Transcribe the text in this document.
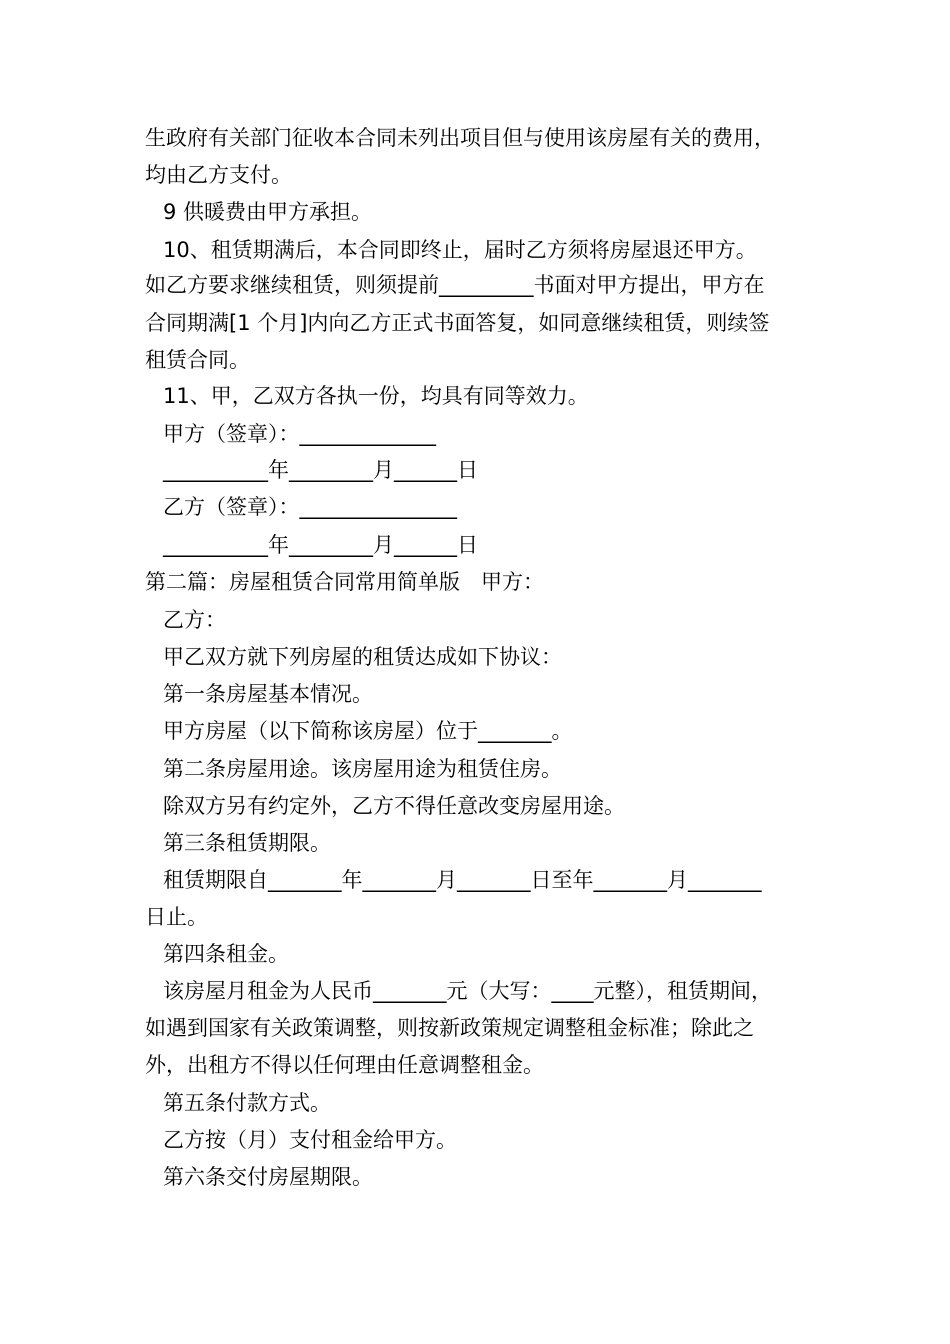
生政府有关部门征收本合同未列出项目但与使用该房屋有关的费用，
均由乙方支付。
9 供暖费由甲方承担。
10、租赁期满后，本合同即终止，届时乙方须将房屋退还甲方。
如乙方要求继续租赁，则须提前_________书面对甲方提出，甲方在
合同期满[1 个月]内向乙方正式书面答复，如同意继续租赁，则续签
租赁合同。
11、甲，乙双方各执一份，均具有同等效力。
甲方（签章）：_____________
__________年________月______日
乙方（签章）：_______________
__________年________月______日
第二篇：房屋租赁合同常用简单版　甲方：
乙方：
甲乙双方就下列房屋的租赁达成如下协议：
第一条房屋基本情况。
甲方房屋（以下简称该房屋）位于_______。
第二条房屋用途。该房屋用途为租赁住房。
除双方另有约定外，乙方不得任意改变房屋用途。
第三条租赁期限。
租赁期限自_______年_______月_______日至年_______月_______
日止。
第四条租金。
该房屋月租金为人民币_______元（大写：____元整），租赁期间，
如遇到国家有关政策调整，则按新政策规定调整租金标准；除此之
外，出租方不得以任何理由任意调整租金。
第五条付款方式。
乙方按（月）支付租金给甲方。
第六条交付房屋期限。
